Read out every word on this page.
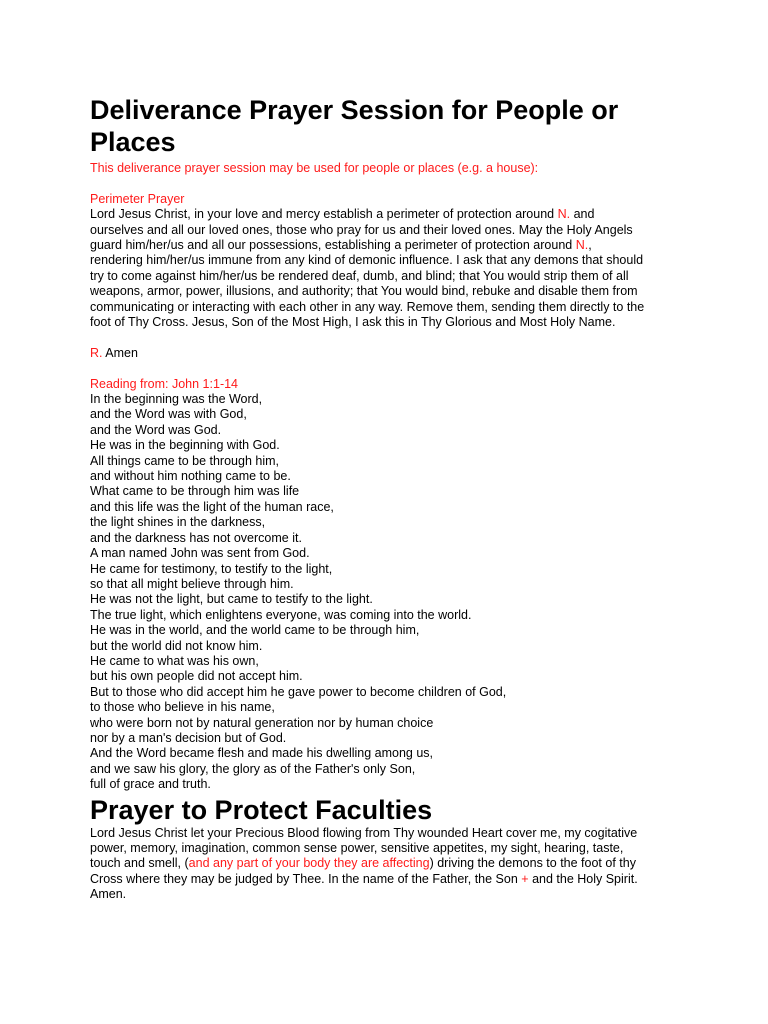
Deliverance Prayer Session for People or
Places
This deliverance prayer session may be used for people or places (e.g. a house):
Perimeter Prayer
Lord Jesus Christ, in your love and mercy establish a perimeter of protection around N. and
ourselves and all our loved ones, those who pray for us and their loved ones. May the Holy Angels
guard him/her/us and all our possessions, establishing a perimeter of protection around N.,
rendering him/her/us immune from any kind of demonic influence. I ask that any demons that should
try to come against him/her/us be rendered deaf, dumb, and blind; that You would strip them of all
weapons, armor, power, illusions, and authority; that You would bind, rebuke and disable them from
communicating or interacting with each other in any way. Remove them, sending them directly to the
foot of Thy Cross. Jesus, Son of the Most High, I ask this in Thy Glorious and Most Holy Name.
R. Amen
Reading from: John 1:1-14
In the beginning was the Word,
and the Word was with God,
and the Word was God.
He was in the beginning with God.
All things came to be through him,
and without him nothing came to be.
What came to be through him was life
and this life was the light of the human race,
the light shines in the darkness,
and the darkness has not overcome it.
A man named John was sent from God.
He came for testimony, to testify to the light,
so that all might believe through him.
He was not the light, but came to testify to the light.
The true light, which enlightens everyone, was coming into the world.
He was in the world, and the world came to be through him,
but the world did not know him.
He came to what was his own,
but his own people did not accept him.
But to those who did accept him he gave power to become children of God,
to those who believe in his name,
who were born not by natural generation nor by human choice
nor by a man's decision but of God.
And the Word became flesh and made his dwelling among us,
and we saw his glory, the glory as of the Father's only Son,
full of grace and truth.
Prayer to Protect Faculties
Lord Jesus Christ let your Precious Blood flowing from Thy wounded Heart cover me, my cogitative
power, memory, imagination, common sense power, sensitive appetites, my sight, hearing, taste,
touch and smell, (and any part of your body they are affecting) driving the demons to the foot of thy
Cross where they may be judged by Thee. In the name of the Father, the Son + and the Holy Spirit.
Amen.
